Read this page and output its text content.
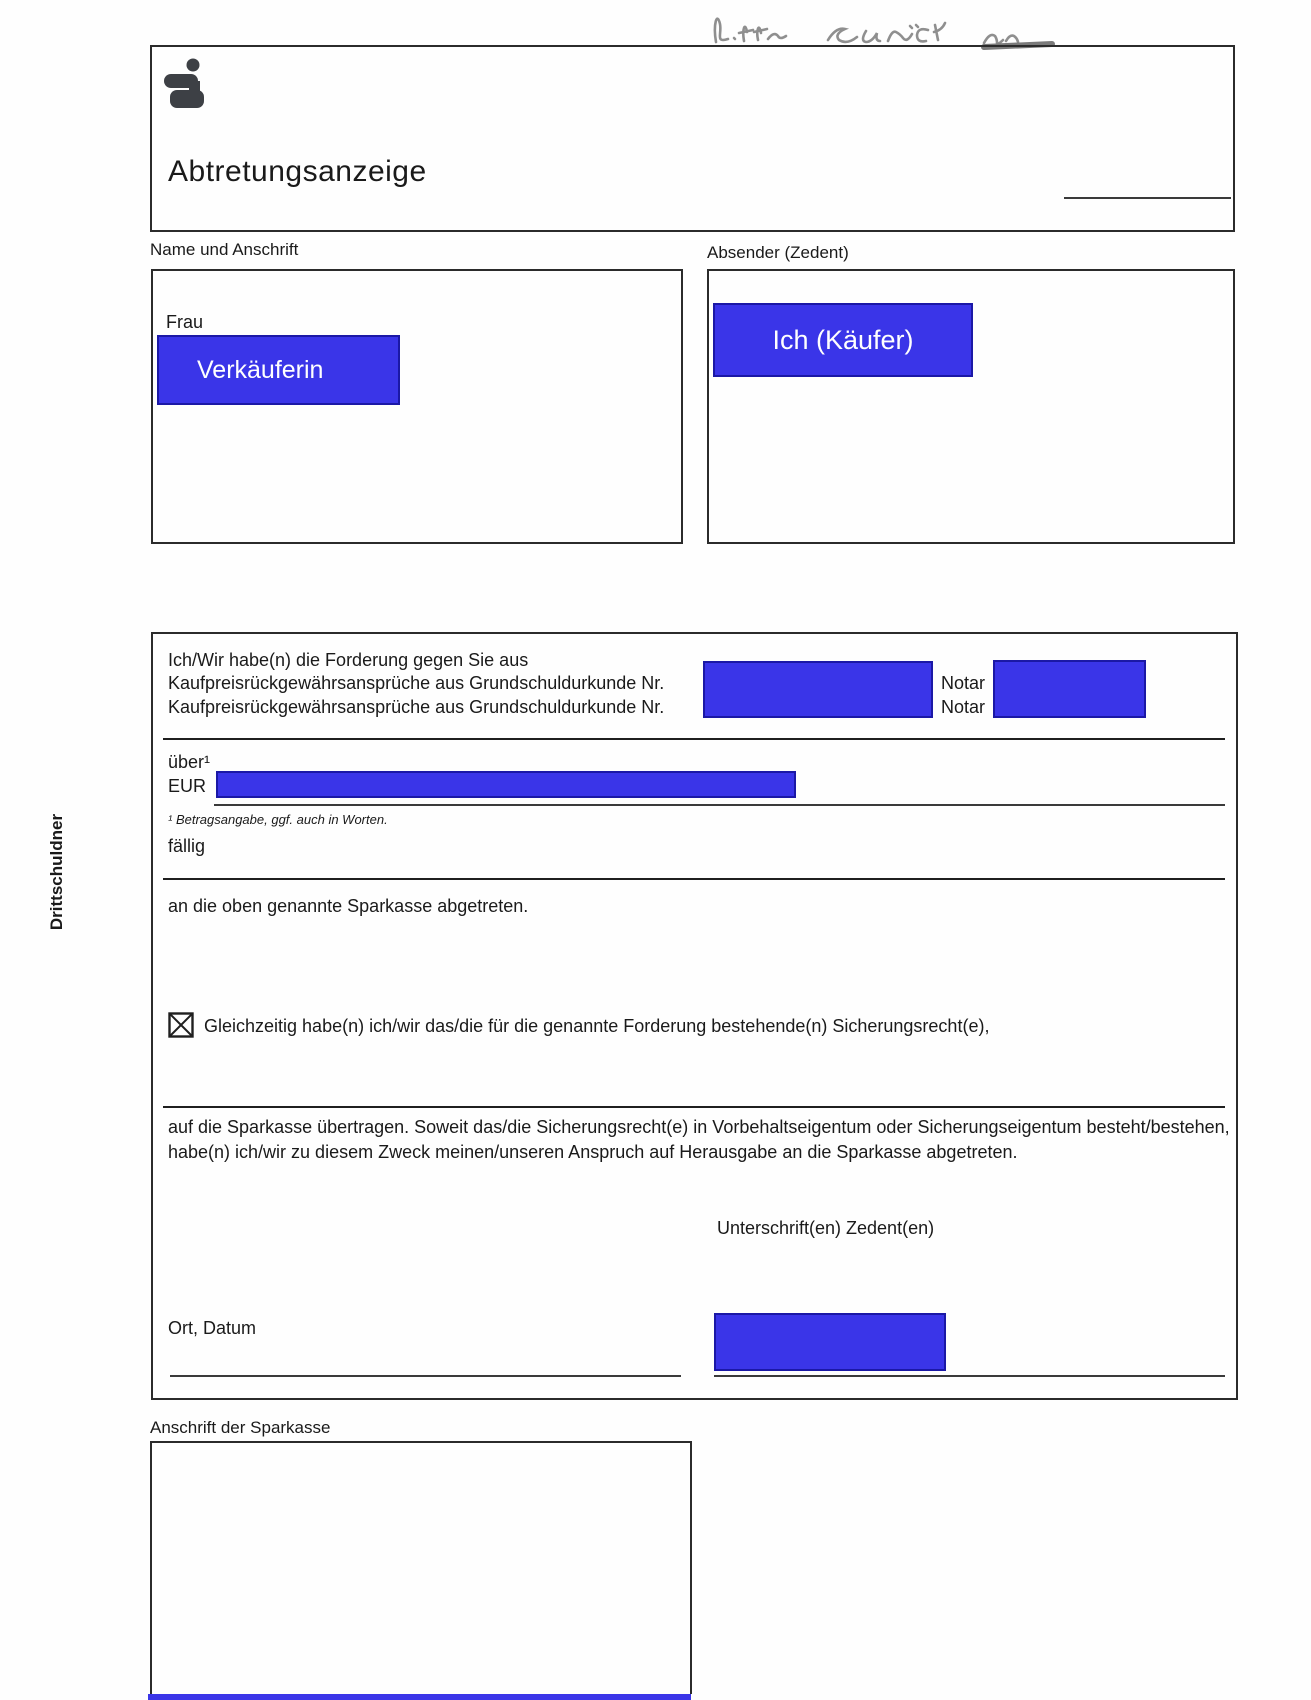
Abtretungsanzeige
Name und Anschrift
Frau
Verkäuferin
Absender (Zedent)
Ich (Käufer)
Drittschuldner
Ich/Wir habe(n) die Forderung gegen Sie aus
Kaufpreisrückgewährsansprüche aus Grundschuldurkunde Nr.
Kaufpreisrückgewährsansprüche aus Grundschuldurkunde Nr.
Notar
Notar
über¹
EUR
¹ Betragsangabe, ggf. auch in Worten.
fällig
an die oben genannte Sparkasse abgetreten.
Gleichzeitig habe(n) ich/wir das/die für die genannte Forderung bestehende(n) Sicherungsrecht(e),
auf die Sparkasse übertragen. Soweit das/die Sicherungsrecht(e) in Vorbehaltseigentum oder Sicherungseigentum besteht/bestehen,
habe(n) ich/wir zu diesem Zweck meinen/unseren Anspruch auf Herausgabe an die Sparkasse abgetreten.
Unterschrift(en) Zedent(en)
Ort, Datum
Anschrift der Sparkasse
